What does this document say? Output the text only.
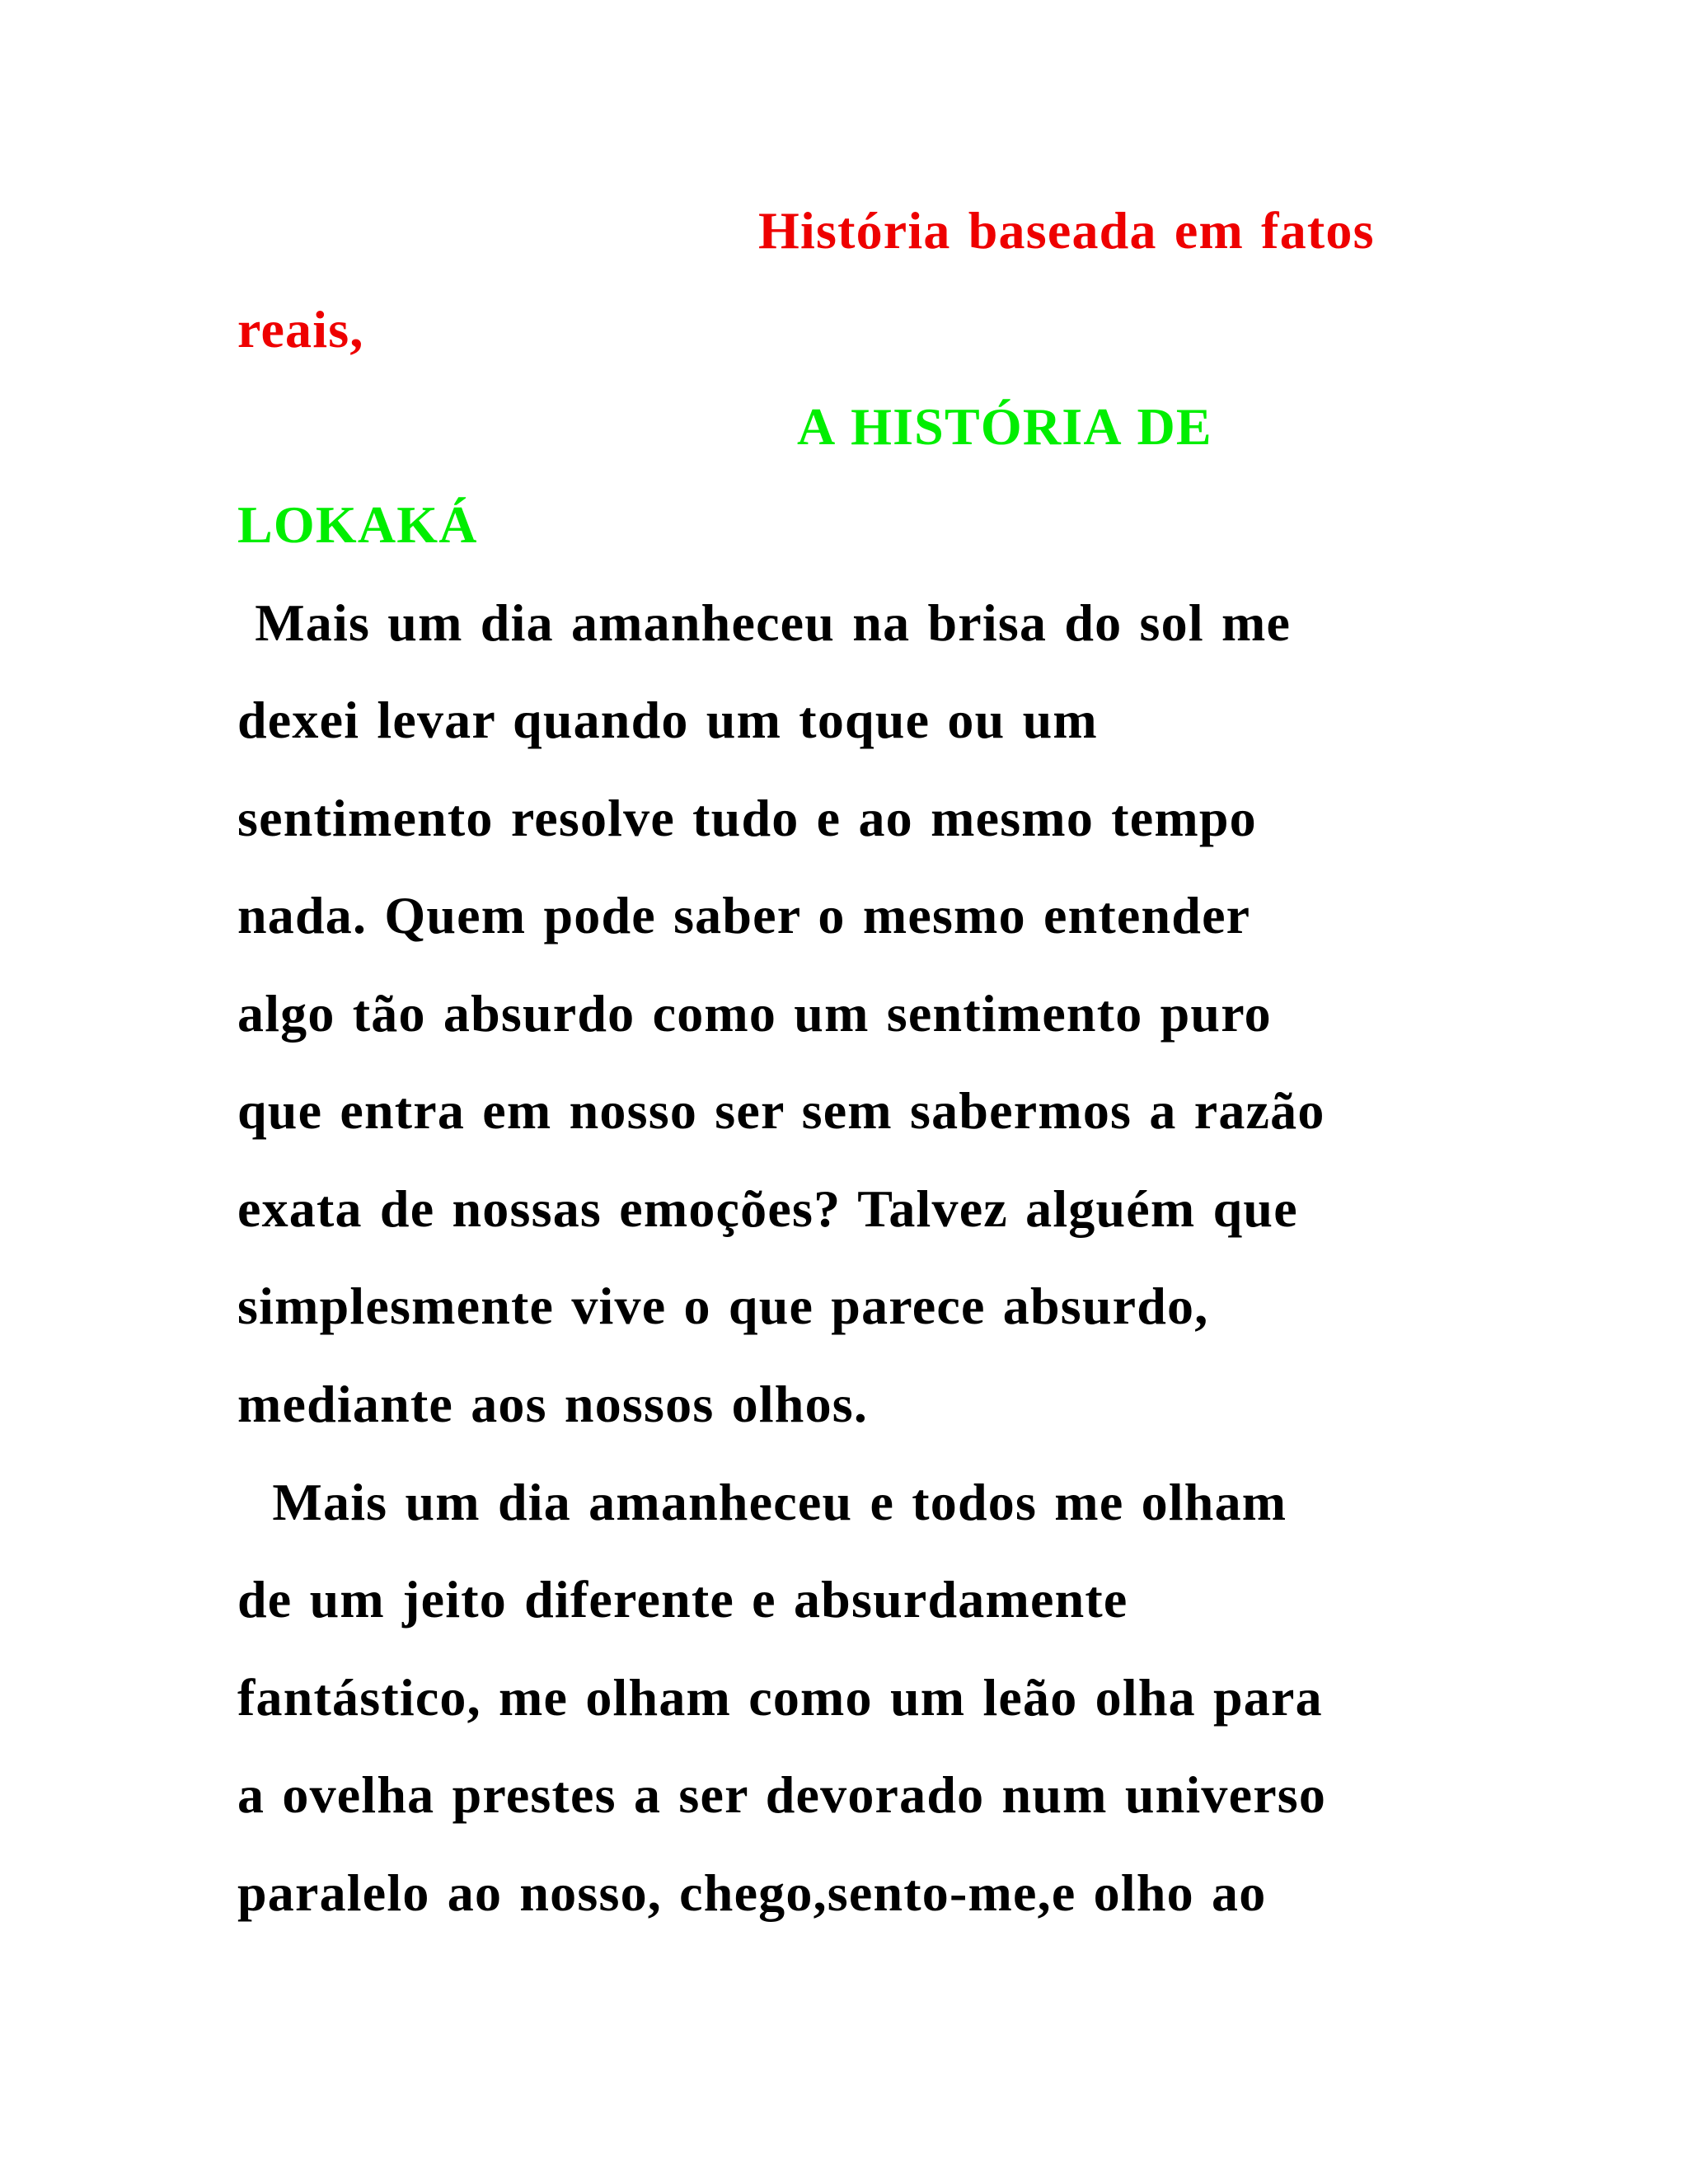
História baseada em fatos
reais,
A HISTÓRIA DE
LOKAKÁ
Mais um dia amanheceu na brisa do sol me
dexei levar quando um toque ou um
sentimento resolve tudo e ao mesmo tempo
nada. Quem pode saber o mesmo entender
algo tão absurdo como um sentimento puro
que entra em nosso ser sem sabermos a razão
exata de nossas emoções? Talvez alguém que
simplesmente vive o que parece absurdo,
mediante aos nossos olhos.
Mais um dia amanheceu e todos me olham
de um jeito diferente e absurdamente
fantástico, me olham como um leão olha para
a ovelha prestes a ser devorado num universo
paralelo ao nosso, chego,sento-me,e olho ao
